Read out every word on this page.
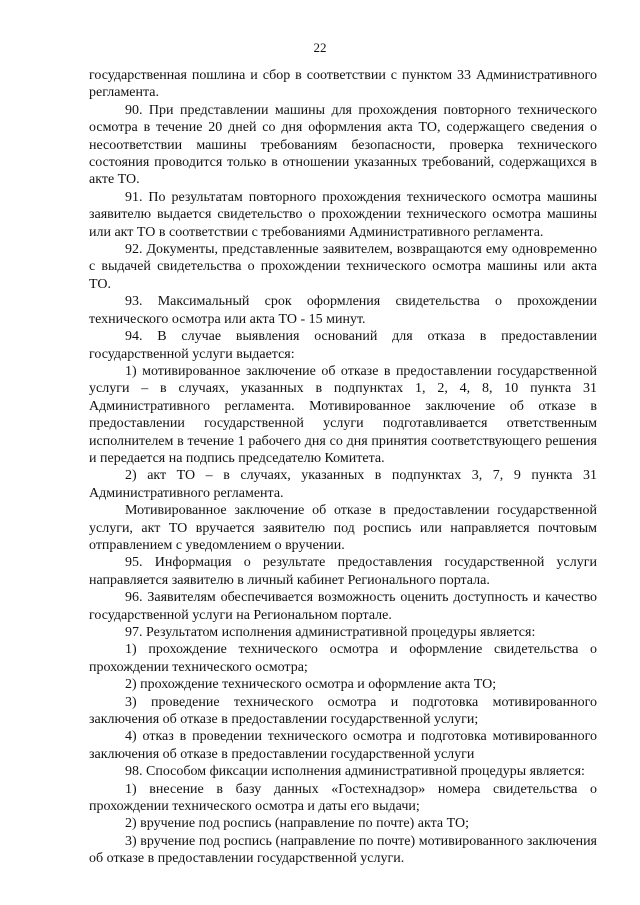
22

государственная пошлина и сбор в соответствии с пунктом 33 Административного регламента.

90. При представлении машины для прохождения повторного технического осмотра в течение 20 дней со дня оформления акта ТО, содержащего сведения о несоответствии машины требованиям безопасности, проверка технического состояния проводится только в отношении указанных требований, содержащихся в акте ТО.

91. По результатам повторного прохождения технического осмотра машины заявителю выдается свидетельство о прохождении технического осмотра машины или акт ТО в соответствии с требованиями Административного регламента.

92. Документы, представленные заявителем, возвращаются ему одновременно с выдачей свидетельства о прохождении технического осмотра машины или акта ТО.

93. Максимальный срок оформления свидетельства о прохождении технического осмотра или акта ТО - 15 минут.

94. В случае выявления оснований для отказа в предоставлении государственной услуги выдается:

1) мотивированное заключение об отказе в предоставлении государственной услуги – в случаях, указанных в подпунктах 1, 2, 4, 8, 10 пункта 31 Административного регламента. Мотивированное заключение об отказе в предоставлении государственной услуги подготавливается ответственным исполнителем в течение 1 рабочего дня со дня принятия соответствующего решения и передается на подпись председателю Комитета.

2) акт ТО – в случаях, указанных в подпунктах 3, 7, 9 пункта 31 Административного регламента.

Мотивированное заключение об отказе в предоставлении государственной услуги, акт ТО вручается заявителю под роспись или направляется почтовым отправлением с уведомлением о вручении.

95. Информация о результате предоставления государственной услуги направляется заявителю в личный кабинет Регионального портала.

96. Заявителям обеспечивается возможность оценить доступность и качество государственной услуги на Региональном портале.

97. Результатом исполнения административной процедуры является:

1) прохождение технического осмотра и оформление свидетельства о прохождении технического осмотра;

2) прохождение технического осмотра и оформление акта ТО;

3) проведение технического осмотра и подготовка мотивированного заключения об отказе в предоставлении государственной услуги;

4) отказ в проведении технического осмотра и подготовка мотивированного заключения об отказе в предоставлении государственной услуги

98. Способом фиксации исполнения административной процедуры является:

1) внесение в базу данных «Гостехнадзор» номера свидетельства о прохождении технического осмотра и даты его выдачи;

2) вручение под роспись (направление по почте) акта ТО;

3) вручение под роспись (направление по почте) мотивированного заключения об отказе в предоставлении государственной услуги.
